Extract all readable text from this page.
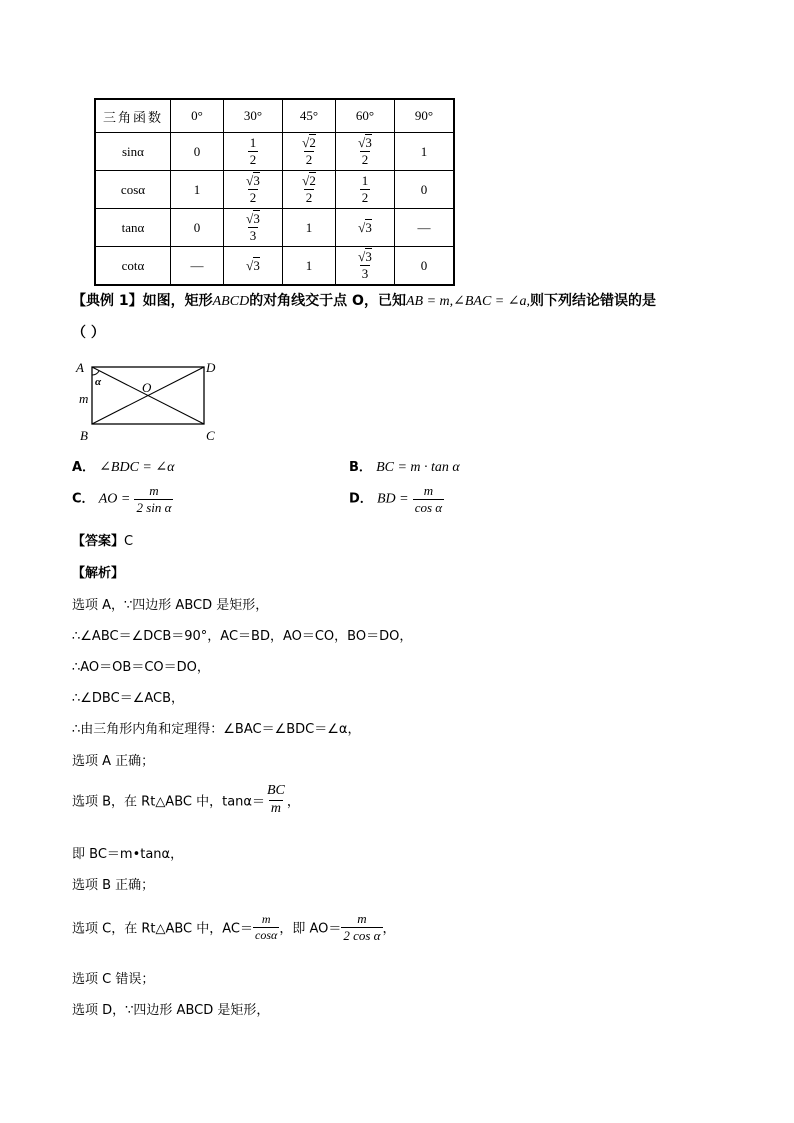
三角函数	0°	30°	45°	60°	90°
sinα	0	$\frac{1}{2}$	√ $\frac{2}{2}$	√ $\frac{3}{2}$	1
cosα	1	√ $\frac{3}{2}$	√ $\frac{2}{2}$	$\frac{1}{2}$	0
tanα	0	√ $\frac{3}{3}$	1	√ 3	—
cotα	—	√ 3	1	√ $\frac{3}{3}$	0
【典例 1】如图，矩形ABCD的对角线交于点 O，已知AB = m,∠BAC = ∠a,则下列结论错误的是
（ ）
A
B	C
D
O
m
α
A． ∠BDC = ∠α	B． BC = m · tan α
C． AO = $\frac{m}{\text{2 sin α}}$	D． BD = $\frac{m}{\text{cos α}}$
【答案】C
【解析】
选项 A，∵四边形 ABCD 是矩形，
∴∠ABC＝∠DCB＝90°，AC＝BD，AO＝CO，BO＝DO，
∴AO＝OB＝CO＝DO，
∴∠DBC＝∠ACB，
∴由三角形内角和定理得：∠BAC＝∠BDC＝∠α，
选项 A 正确；
选项 B，在 Rt△ABC 中，$\tan\alpha= \frac{BC}{m}$ ，
即 BC＝m•tanα，
选项 B 正确；
选项 C，在 Rt△ABC 中，$AC= \frac{m}{\cos\alpha}$ ，即 $AO= \frac{m}{\text{2 cos α}}$ ，
选项 C 错误；
选项 D，∵四边形 ABCD 是矩形，
